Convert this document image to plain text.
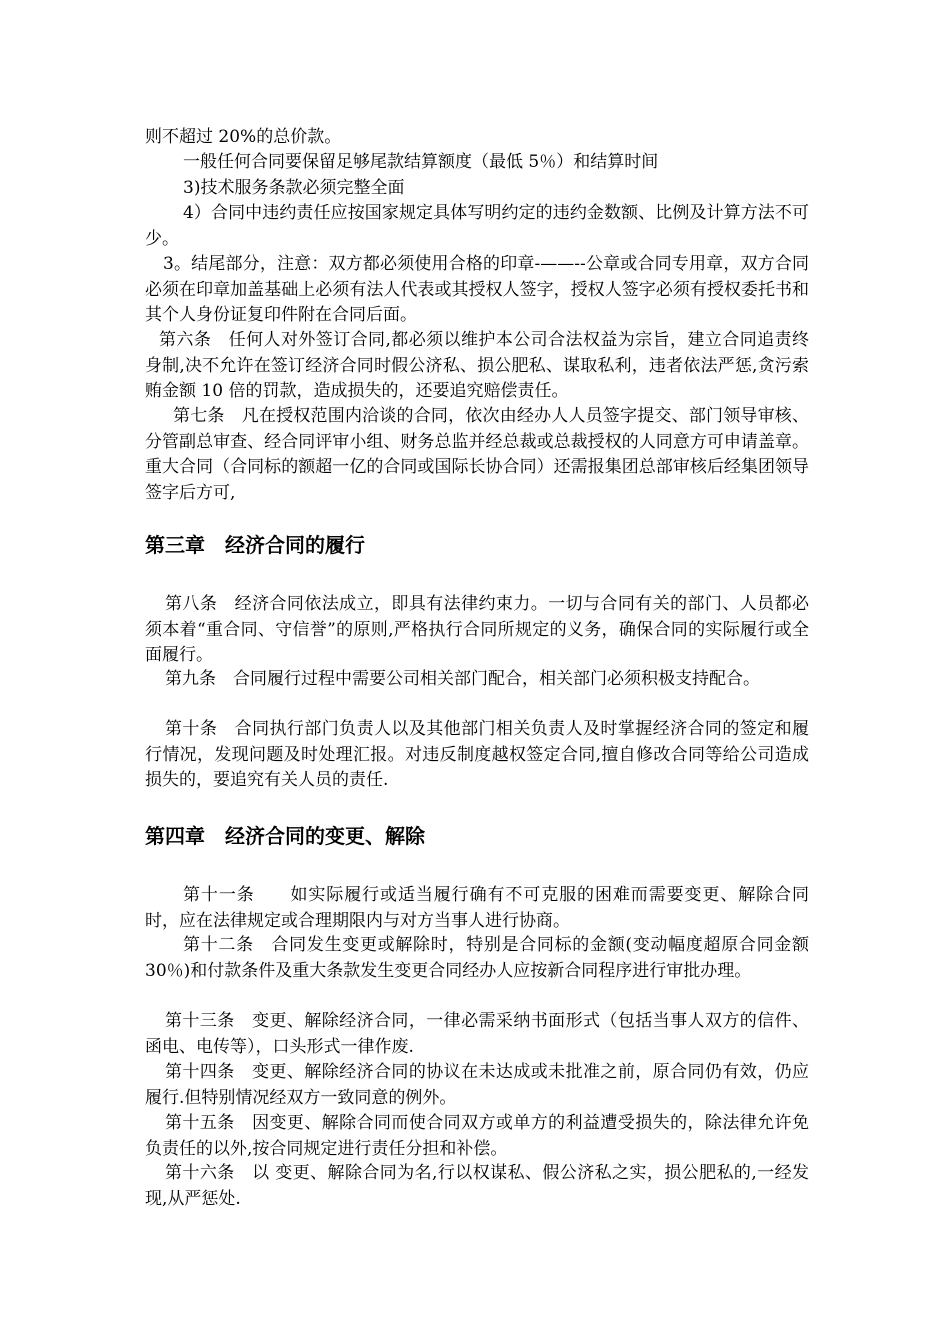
则不超过 20%的总价款。

一般任何合同要保留足够尾款结算额度（最低 5％）和结算时间

3)技术服务条款必须完整全面

4）合同中违约责任应按国家规定具体写明约定的违约金数额、比例及计算方法不可少。

3。结尾部分，注意：双方都必须使用合格的印章-——--公章或合同专用章，双方合同必须在印章加盖基础上必须有法人代表或其授权人签字，授权人签字必须有授权委托书和其个人身份证复印件附在合同后面。

第六条　任何人对外签订合同,都必须以维护本公司合法权益为宗旨，建立合同追责终身制,决不允许在签订经济合同时假公济私、损公肥私、谋取私利，违者依法严惩,贪污索贿金额 10 倍的罚款，造成损失的，还要追究赔偿责任。

第七条　凡在授权范围内洽谈的合同，依次由经办人人员签字提交、部门领导审核、分管副总审查、经合同评审小组、财务总监并经总裁或总裁授权的人同意方可申请盖章。重大合同（合同标的额超一亿的合同或国际长协合同）还需报集团总部审核后经集团领导签字后方可,

第三章　经济合同的履行

第八条　经济合同依法成立，即具有法律约束力。一切与合同有关的部门、人员都必须本着“重合同、守信誉”的原则,严格执行合同所规定的义务，确保合同的实际履行或全面履行。

第九条　合同履行过程中需要公司相关部门配合，相关部门必须积极支持配合。

第十条　合同执行部门负责人以及其他部门相关负责人及时掌握经济合同的签定和履行情况，发现问题及时处理汇报。对违反制度越权签定合同,擅自修改合同等给公司造成损失的，要追究有关人员的责任.

第四章　经济合同的变更、解除

第十一条　　如实际履行或适当履行确有不可克服的困难而需要变更、解除合同时，应在法律规定或合理期限内与对方当事人进行协商。

第十二条　合同发生变更或解除时，特别是合同标的金额(变动幅度超原合同金额 30％)和付款条件及重大条款发生变更合同经办人应按新合同程序进行审批办理。

第十三条　变更、解除经济合同，一律必需采纳书面形式（包括当事人双方的信件、函电、电传等），口头形式一律作废.

第十四条　变更、解除经济合同的协议在未达成或未批准之前，原合同仍有效，仍应履行.但特别情况经双方一致同意的例外。

第十五条　因变更、解除合同而使合同双方或单方的利益遭受损失的，除法律允许免负责任的以外,按合同规定进行责任分担和补偿。

第十六条　以 变更、解除合同为名,行以权谋私、假公济私之实，损公肥私的,一经发现,从严惩处.
